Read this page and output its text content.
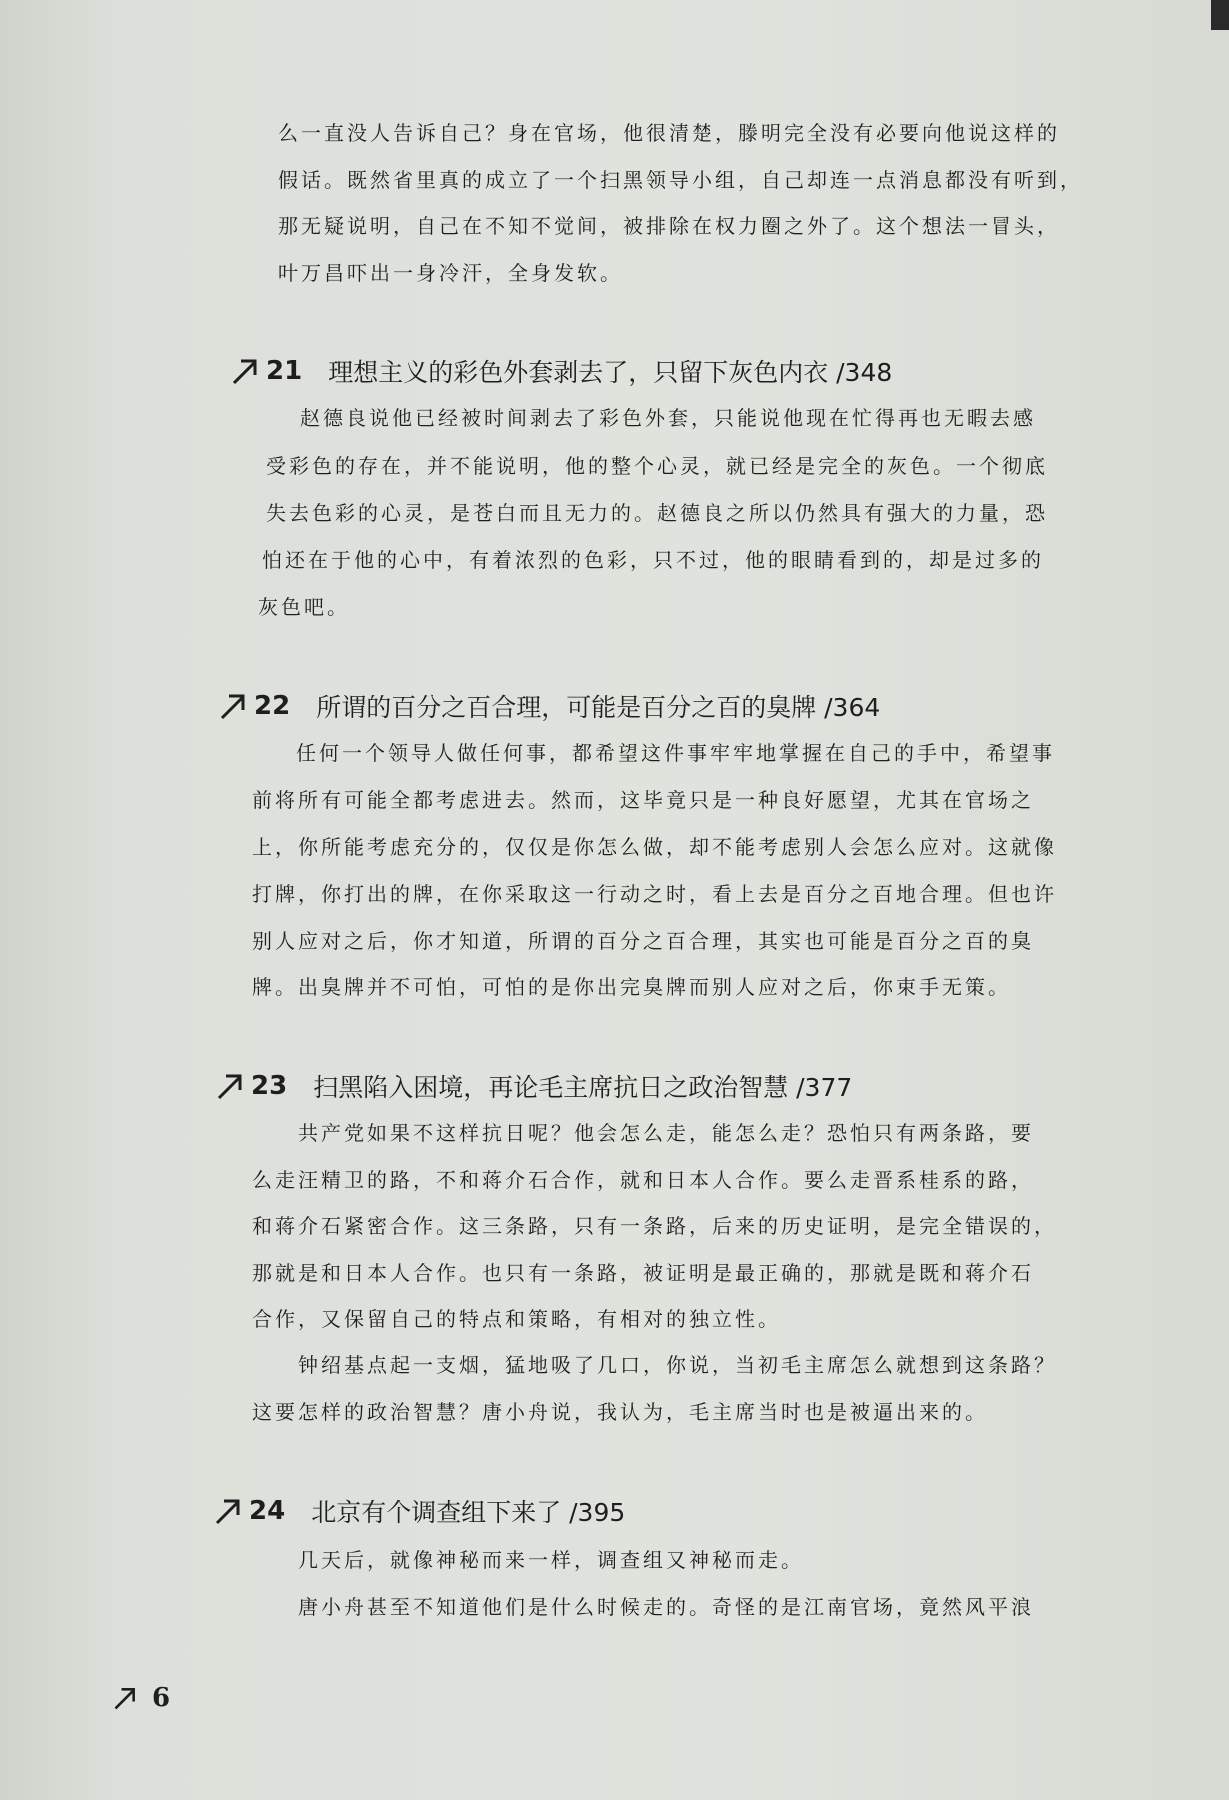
么一直没人告诉自己？身在官场，他很清楚，滕明完全没有必要向他说这样的
假话。既然省里真的成立了一个扫黑领导小组，自己却连一点消息都没有听到，
那无疑说明，自己在不知不觉间，被排除在权力圈之外了。这个想法一冒头，
叶万昌吓出一身冷汗，全身发软。
21 理想主义的彩色外套剥去了，只留下灰色内衣 /348
赵德良说他已经被时间剥去了彩色外套，只能说他现在忙得再也无暇去感
受彩色的存在，并不能说明，他的整个心灵，就已经是完全的灰色。一个彻底
失去色彩的心灵，是苍白而且无力的。赵德良之所以仍然具有强大的力量，恐
怕还在于他的心中，有着浓烈的色彩，只不过，他的眼睛看到的，却是过多的
灰色吧。
22 所谓的百分之百合理，可能是百分之百的臭牌 /364
任何一个领导人做任何事，都希望这件事牢牢地掌握在自己的手中，希望事
前将所有可能全都考虑进去。然而，这毕竟只是一种良好愿望，尤其在官场之
上，你所能考虑充分的，仅仅是你怎么做，却不能考虑别人会怎么应对。这就像
打牌，你打出的牌，在你采取这一行动之时，看上去是百分之百地合理。但也许
别人应对之后，你才知道，所谓的百分之百合理，其实也可能是百分之百的臭
牌。出臭牌并不可怕，可怕的是你出完臭牌而别人应对之后，你束手无策。
23 扫黑陷入困境，再论毛主席抗日之政治智慧 /377
共产党如果不这样抗日呢？他会怎么走，能怎么走？恐怕只有两条路，要
么走汪精卫的路，不和蒋介石合作，就和日本人合作。要么走晋系桂系的路，
和蒋介石紧密合作。这三条路，只有一条路，后来的历史证明，是完全错误的，
那就是和日本人合作。也只有一条路，被证明是最正确的，那就是既和蒋介石
合作，又保留自己的特点和策略，有相对的独立性。
钟绍基点起一支烟，猛地吸了几口，你说，当初毛主席怎么就想到这条路？
这要怎样的政治智慧？唐小舟说，我认为，毛主席当时也是被逼出来的。
24 北京有个调查组下来了 /395
几天后，就像神秘而来一样，调查组又神秘而走。
唐小舟甚至不知道他们是什么时候走的。奇怪的是江南官场，竟然风平浪
6
